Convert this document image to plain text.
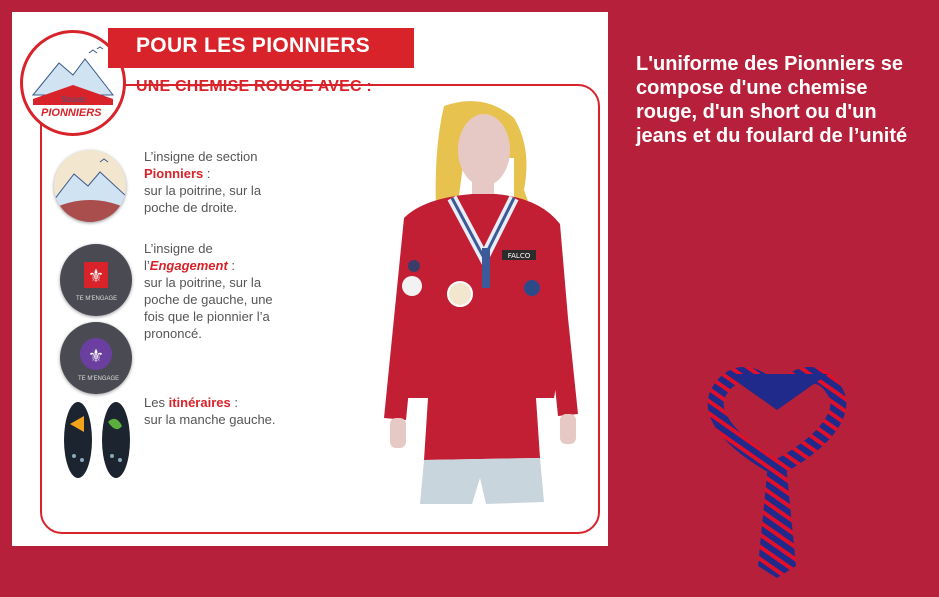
Scouts
PIONNIERS
POUR LES PIONNIERS
UNE CHEMISE ROUGE AVEC :
L’insigne de section
Pionniers :
sur la poitrine, sur la
poche de droite.
⚜
TE M'ENGAGE
⚜
TE M'ENGAGE
L’insigne de
l’Engagement :
sur la poitrine, sur la
poche de gauche, une
fois que le pionnier l’a
prononcé.
Les itinéraires :
sur la manche gauche.
FALCO
L'uniforme des Pionniers se compose d'une chemise rouge, d'un short ou d'un jeans et du foulard de l’unité
